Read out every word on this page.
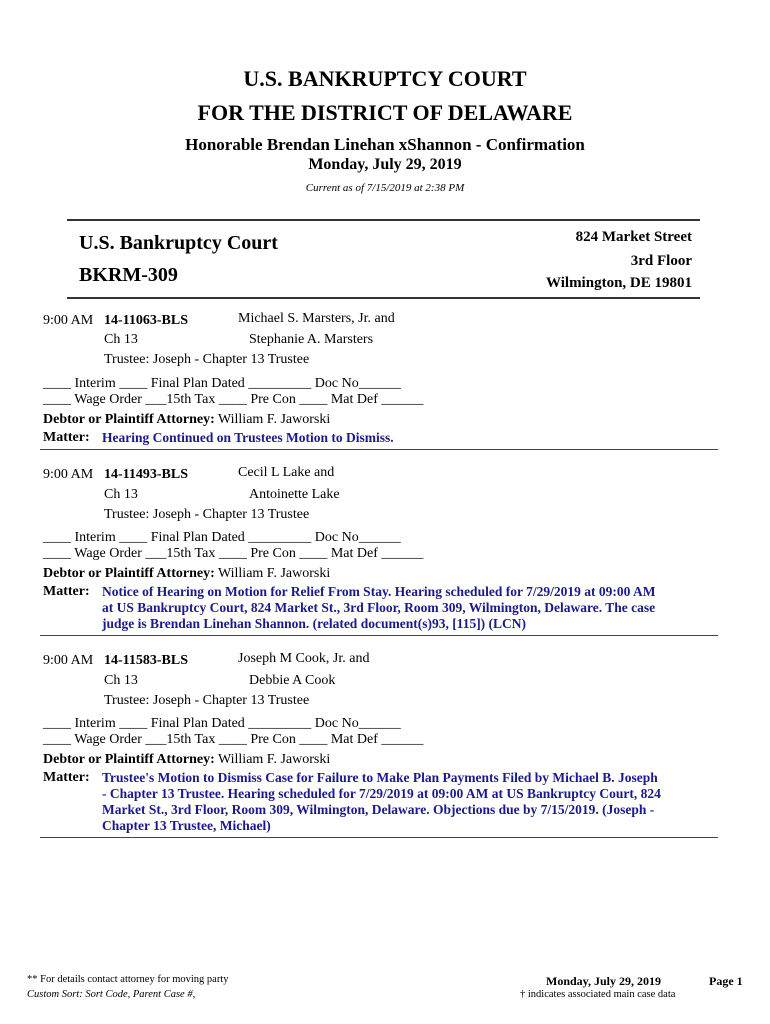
U.S. BANKRUPTCY COURT
FOR THE DISTRICT OF DELAWARE
Honorable Brendan Linehan xShannon - Confirmation
Monday, July 29, 2019
Current as of 7/15/2019 at 2:38 PM
U.S. Bankruptcy Court
BKRM-309
824 Market Street
3rd Floor
Wilmington, DE 19801
9:00 AM 14-11063-BLS	Michael S. Marsters, Jr. and
Ch 13	Stephanie A. Marsters
Trustee: Joseph - Chapter 13 Trustee
____ Interim ____ Final Plan Dated _________ Doc No______
____ Wage Order ___15th Tax ____ Pre Con ____ Mat Def ______
Debtor or Plaintiff Attorney: William F. Jaworski
Matter: Hearing Continued on Trustees Motion to Dismiss.
9:00 AM 14-11493-BLS	Cecil L Lake and
Ch 13	Antoinette Lake
Trustee: Joseph - Chapter 13 Trustee
____ Interim ____ Final Plan Dated _________ Doc No______
____ Wage Order ___15th Tax ____ Pre Con ____ Mat Def ______
Debtor or Plaintiff Attorney: William F. Jaworski
Matter: Notice of Hearing on Motion for Relief From Stay. Hearing scheduled for 7/29/2019 at 09:00 AM
at US Bankruptcy Court, 824 Market St., 3rd Floor, Room 309, Wilmington, Delaware. The case
judge is Brendan Linehan Shannon. (related document(s)93, [115]) (LCN)
9:00 AM 14-11583-BLS	Joseph M Cook, Jr. and
Ch 13	Debbie A Cook
Trustee: Joseph - Chapter 13 Trustee
____ Interim ____ Final Plan Dated _________ Doc No______
____ Wage Order ___15th Tax ____ Pre Con ____ Mat Def ______
Debtor or Plaintiff Attorney: William F. Jaworski
Matter: Trustee's Motion to Dismiss Case for Failure to Make Plan Payments Filed by Michael B. Joseph
- Chapter 13 Trustee. Hearing scheduled for 7/29/2019 at 09:00 AM at US Bankruptcy Court, 824
Market St., 3rd Floor, Room 309, Wilmington, Delaware. Objections due by 7/15/2019. (Joseph -
Chapter 13 Trustee, Michael)
** For details contact attorney for moving party
Custom Sort: Sort Code, Parent Case #,
Monday, July 29, 2019
† indicates associated main case data
Page 1
